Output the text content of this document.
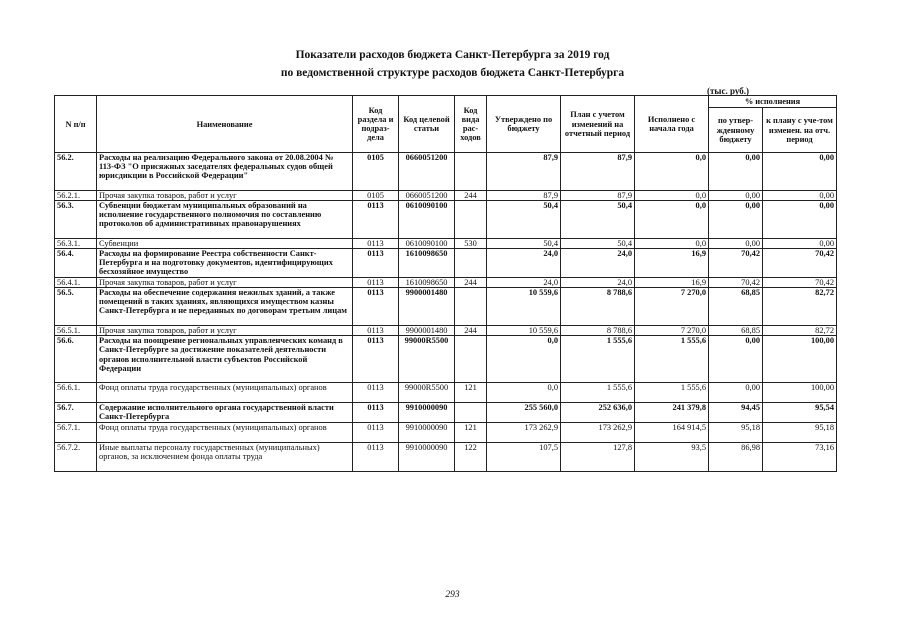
Показатели расходов бюджета Санкт-Петербурга за 2019 год
по ведомственной структуре расходов бюджета Санкт-Петербурга
(тыс. руб.)
N п/п	Наименование	Код раздела и подраз-дела	Код целевой статьи	Код вида рас-ходов	Утверждено по бюджету	План с учетом изменений на отчетный период	Исполнено с начала года	% исполнения	
								по утвер-жденному бюджету	к плану с уче-том изменен. на отч. период
56.2.	Расходы на реализацию Федерального закона от 20.08.2004 № 113-ФЗ "О присяжных заседателях федеральных судов общей юрисдикции в Российской Федерации"	0105	0660051200		87,9	87,9	0,0	0,00	0,00
56.2.1.	Прочая закупка товаров, работ и услуг	0105	0660051200	244	87,9	87,9	0,0	0,00	0,00
56.3.	Субвенции бюджетам муниципальных образований на исполнение государственного полномочия по составлению протоколов об административных правонарушениях	0113	0610090100		50,4	50,4	0,0	0,00	0,00
56.3.1.	Субвенции	0113	0610090100	530	50,4	50,4	0,0	0,00	0,00
56.4.	Расходы на формирование Реестра собственности Санкт-Петербурга и на подготовку документов, идентифицирующих бесхозяйное имущество	0113	1610098650		24,0	24,0	16,9	70,42	70,42
56.4.1.	Прочая закупка товаров, работ и услуг	0113	1610098650	244	24,0	24,0	16,9	70,42	70,42
56.5.	Расходы на обеспечение содержания нежилых зданий, а также помещений в таких зданиях, являющихся имуществом казны Санкт-Петербурга и не переданных по договорам третьим лицам	0113	9900001480		10 559,6	8 788,6	7 270,0	68,85	82,72
56.5.1.	Прочая закупка товаров, работ и услуг	0113	9900001480	244	10 559,6	8 788,6	7 270,0	68,85	82,72
56.6.	Расходы на поощрение региональных управленческих команд в Санкт-Петербурге за достижение показателей деятельности органов исполнительной власти субъектов Российской Федерации	0113	99000R5500		0,0	1 555,6	1 555,6	0,00	100,00
56.6.1.	Фонд оплаты труда государственных (муниципальных) органов	0113	99000R5500	121	0,0	1 555,6	1 555,6	0,00	100,00
56.7.	Содержание исполнительного органа государственной власти Санкт-Петербурга	0113	9910000090		255 560,0	252 636,0	241 379,8	94,45	95,54
56.7.1.	Фонд оплаты труда государственных (муниципальных) органов	0113	9910000090	121	173 262,9	173 262,9	164 914,5	95,18	95,18
56.7.2.	Иные выплаты персоналу государственных (муниципальных) органов, за исключением фонда оплаты труда	0113	9910000090	122	107,5	127,8	93,5	86,98	73,16
293
